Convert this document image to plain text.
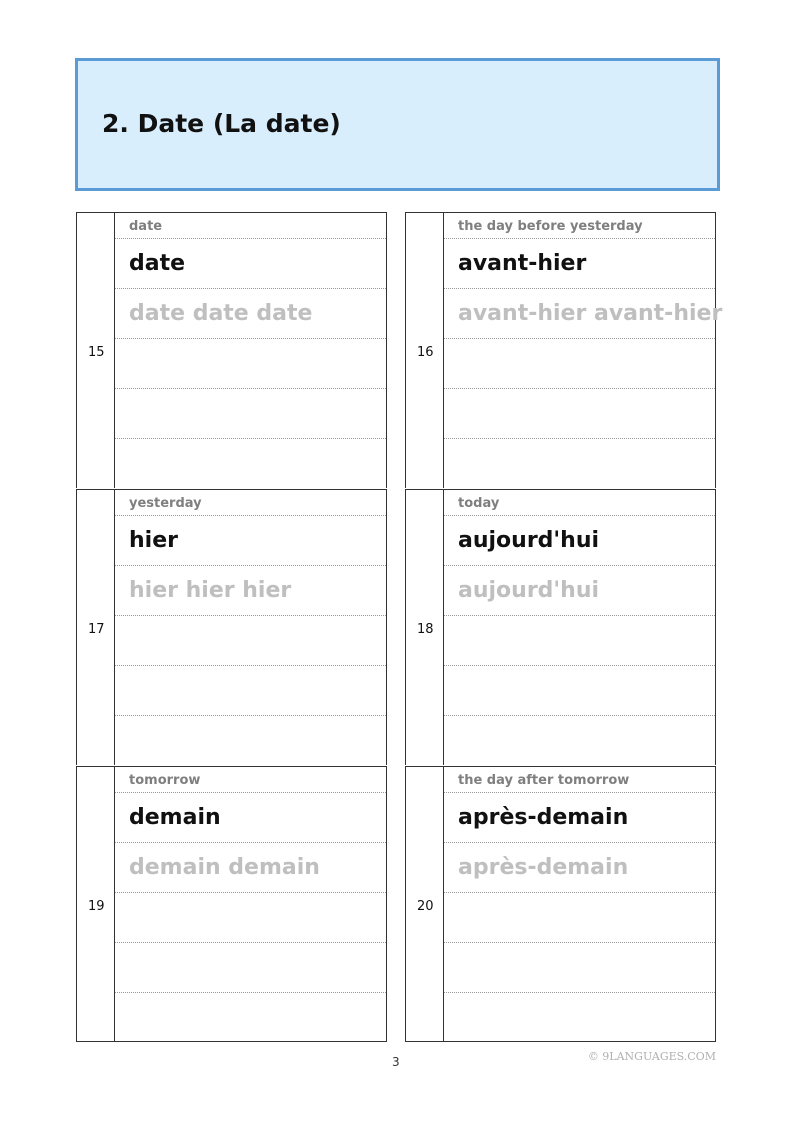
2. Date (La date)
15
date
date
date date date
16
the day before yesterday
avant-hier
avant-hier avant-hier
17
yesterday
hier
hier hier hier
18
today
aujourd'hui
aujourd'hui
19
tomorrow
demain
demain demain
20
the day after tomorrow
après-demain
après-demain
3	© 9LANGUAGES.COM
